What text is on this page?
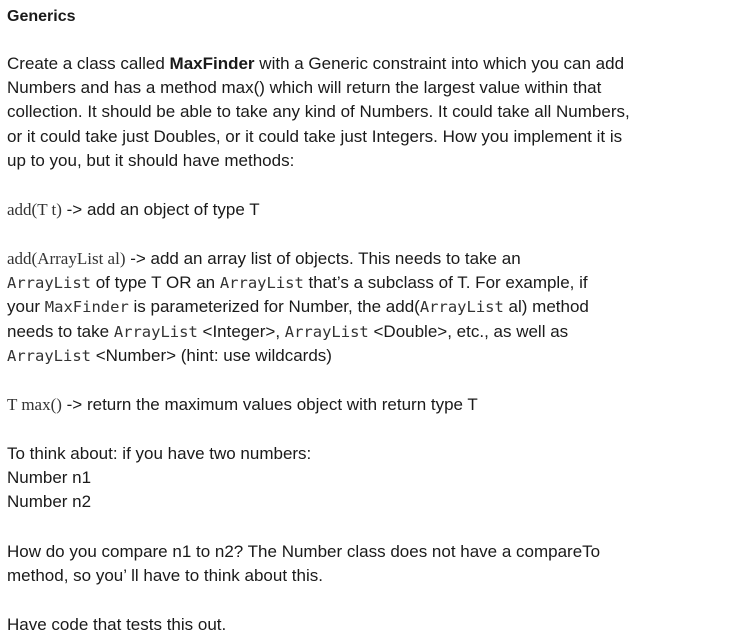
Generics
Create a class called MaxFinder with a Generic constraint into which you can add
Numbers and has a method max() which will return the largest value within that
collection. It should be able to take any kind of Numbers. It could take all Numbers,
or it could take just Doubles, or it could take just Integers. How you implement it is
up to you, but it should have methods:
add(T t) -> add an object of type T
add(ArrayList al) -> add an array list of objects. This needs to take an
ArrayList of type T OR an ArrayList that’s a subclass of T. For example, if
your MaxFinder is parameterized for Number, the add(ArrayList al) method
needs to take ArrayList <Integer>, ArrayList <Double>, etc., as well as
ArrayList <Number> (hint: use wildcards)
T max() -> return the maximum values object with return type T
To think about: if you have two numbers:
Number n1
Number n2
How do you compare n1 to n2? The Number class does not have a compareTo
method, so you’ ll have to think about this.
Have code that tests this out.
